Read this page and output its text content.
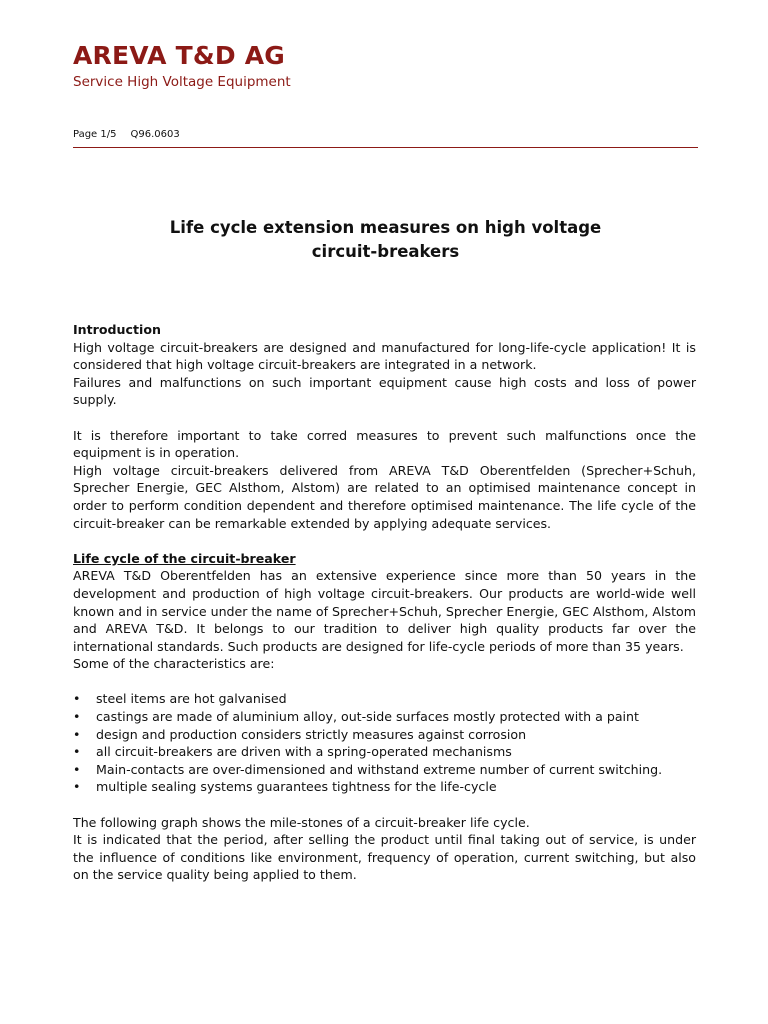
AREVA T&D AG
Service High Voltage Equipment
Page 1/5 Q96.0603
Life cycle extension measures on high voltage
circuit-breakers
Introduction

High voltage circuit-breakers are designed and manufactured for long-life-cycle application! It is considered that high voltage circuit-breakers are integrated in a network.

Failures and malfunctions on such important equipment cause high costs and loss of power supply.

It is therefore important to take corred measures to prevent such malfunctions once the equipment is in operation.

High voltage circuit-breakers delivered from AREVA T&D Oberentfelden (Sprecher+Schuh, Sprecher Energie, GEC Alsthom, Alstom) are related to an optimised maintenance concept in order to perform condition dependent and therefore optimised maintenance. The life cycle of the circuit-breaker can be remarkable extended by applying adequate services.

Life cycle of the circuit-breaker

AREVA T&D Oberentfelden has an extensive experience since more than 50 years in the development and production of high voltage circuit-breakers. Our products are world-wide well known and in service under the name of Sprecher+Schuh, Sprecher Energie, GEC Alsthom, Alstom and AREVA T&D. It belongs to our tradition to deliver high quality products far over the international standards. Such products are designed for life-cycle periods of more than 35 years.

Some of the characteristics are:

• steel items are hot galvanised
• castings are made of aluminium alloy, out-side surfaces mostly protected with a paint
• design and production considers strictly measures against corrosion
• all circuit-breakers are driven with a spring-operated mechanisms
• Main-contacts are over-dimensioned and withstand extreme number of current switching.
• multiple sealing systems guarantees tightness for the life-cycle

The following graph shows the mile-stones of a circuit-breaker life cycle.

It is indicated that the period, after selling the product until final taking out of service, is under the influence of conditions like environment, frequency of operation, current switching, but also on the service quality being applied to them.
